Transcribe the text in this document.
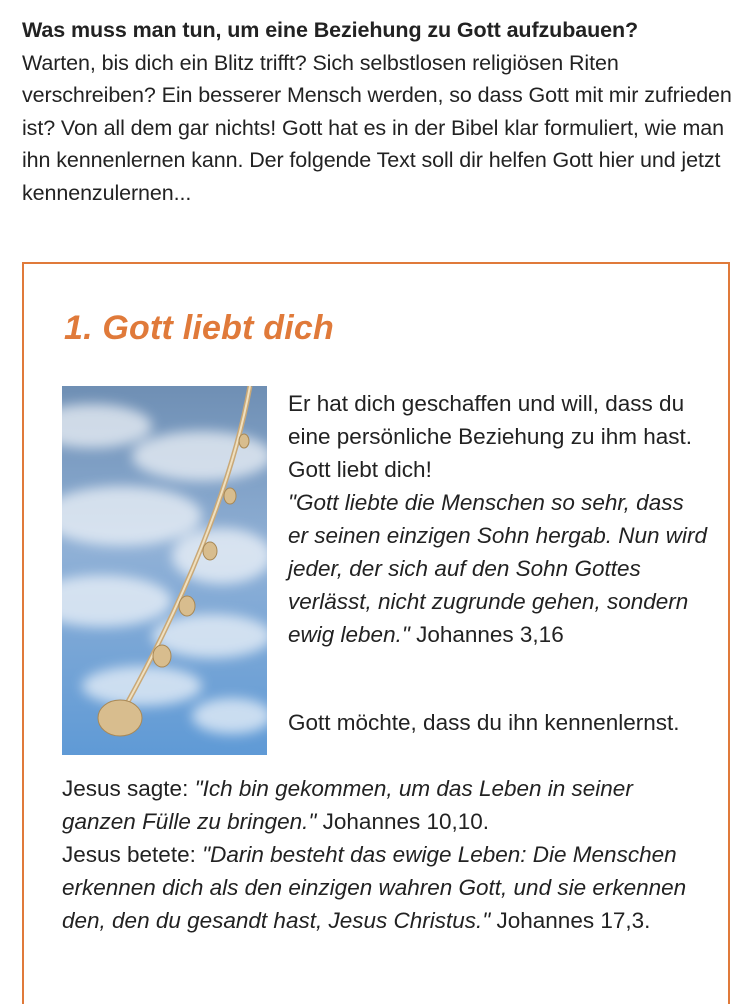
Was muss man tun, um eine Beziehung zu Gott aufzubauen?
Warten, bis dich ein Blitz trifft? Sich selbstlosen religiösen Riten verschreiben? Ein besserer Mensch werden, so dass Gott mit mir zufrieden ist? Von all dem gar nichts! Gott hat es in der Bibel klar formuliert, wie man ihn kennenlernen kann. Der folgende Text soll dir helfen Gott hier und jetzt kennenzulernen...
1. Gott liebt dich

Er hat dich geschaffen und will, dass du eine persönliche Beziehung zu ihm hast. Gott liebt dich!
"Gott liebte die Menschen so sehr, dass er seinen einzigen Sohn hergab. Nun wird jeder, der sich auf den Sohn Gottes verlässt, nicht zugrunde gehen, sondern ewig leben." Johannes 3,16

Gott möchte, dass du ihn kennenlernst.

Jesus sagte: "Ich bin gekommen, um das Leben in seiner ganzen Fülle zu bringen." Johannes 10,10.
Jesus betete: "Darin besteht das ewige Leben: Die Menschen erkennen dich als den einzigen wahren Gott, und sie erkennen den, den du gesandt hast, Jesus Christus." Johannes 17,3.
